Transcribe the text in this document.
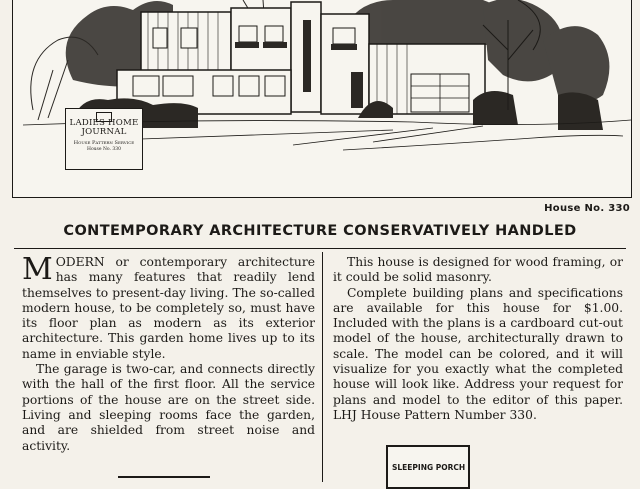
LADIES HOME
JOURNAL
House Pattern Service
House No. 330
House No. 330
CONTEMPORARY ARCHITECTURE CONSERVATIVELY HANDLED

MODERN or contemporary architecture has many features that readily lend themselves to present-day living. The so-called modern house, to be completely so, must have its floor plan as modern as its exterior architecture. This garden home lives up to its name in enviable style.

The garage is two-car, and connects directly with the hall of the first floor. All the service portions of the house are on the street side. Living and sleeping rooms face the garden, and are shielded from street noise and activity.

This house is designed for wood framing, or it could be solid masonry.

Complete building plans and specifications are available for this house for $1.00. Included with the plans is a cardboard cut-out model of the house, architecturally drawn to scale. The model can be colored, and it will visualize for you exactly what the completed house will look like. Address your request for plans and model to the editor of this paper. LHJ House Pattern Number 330.

SLEEPING PORCH
